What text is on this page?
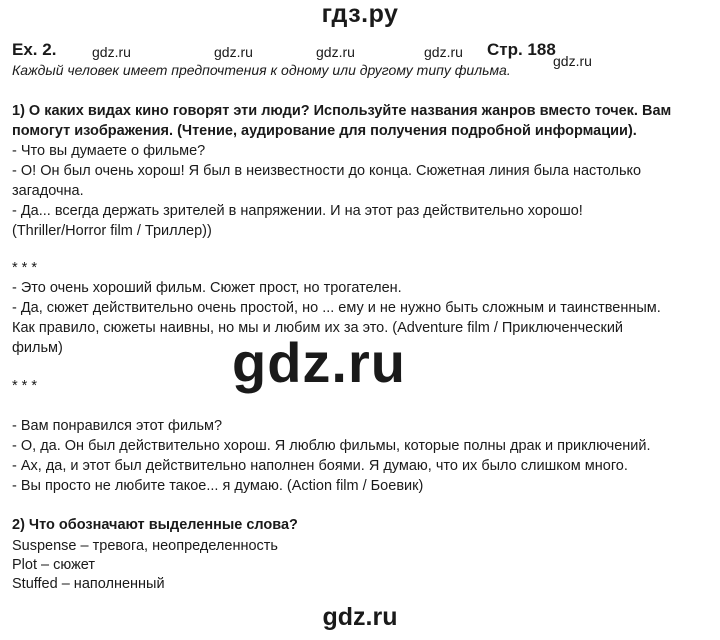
гдз.ру
Ex. 2.	Стр. 188
gdz.ru	gdz.ru	gdz.ru	gdz.ru
gdz.ru
Каждый человек имеет предпочтения к одному или другому типу фильма.
1) О каких видах кино говорят эти люди? Используйте названия жанров вместо точек. Вам
помогут изображения. (Чтение, аудирование для получения подробной информации).
- Что вы думаете о фильме?
- О! Он был очень хорош! Я был в неизвестности до конца. Сюжетная линия была настолько
загадочна.
- Да... всегда держать зрителей в напряжении. И на этот раз действительно хорошо!
(Thriller/Horror film / Триллер))
* * *
- Это очень хороший фильм. Сюжет прост, но трогателен.
- Да, сюжет действительно очень простой, но ... ему и не нужно быть сложным и таинственным.
Как правило, сюжеты наивны, но мы и любим их за это. (Adventure film / Приключенческий
фильм)	gdz.ru
* * *
- Вам понравился этот фильм?
- О, да. Он был действительно хорош. Я люблю фильмы, которые полны драк и приключений.
- Ах, да, и этот был действительно наполнен боями. Я думаю, что их было слишком много.
- Вы просто не любите такое... я думаю. (Action film / Боевик)
2) Что обозначают выделенные слова?
Suspense – тревога, неопределенность
Plot – сюжет
Stuffed – наполненный
gdz.ru
